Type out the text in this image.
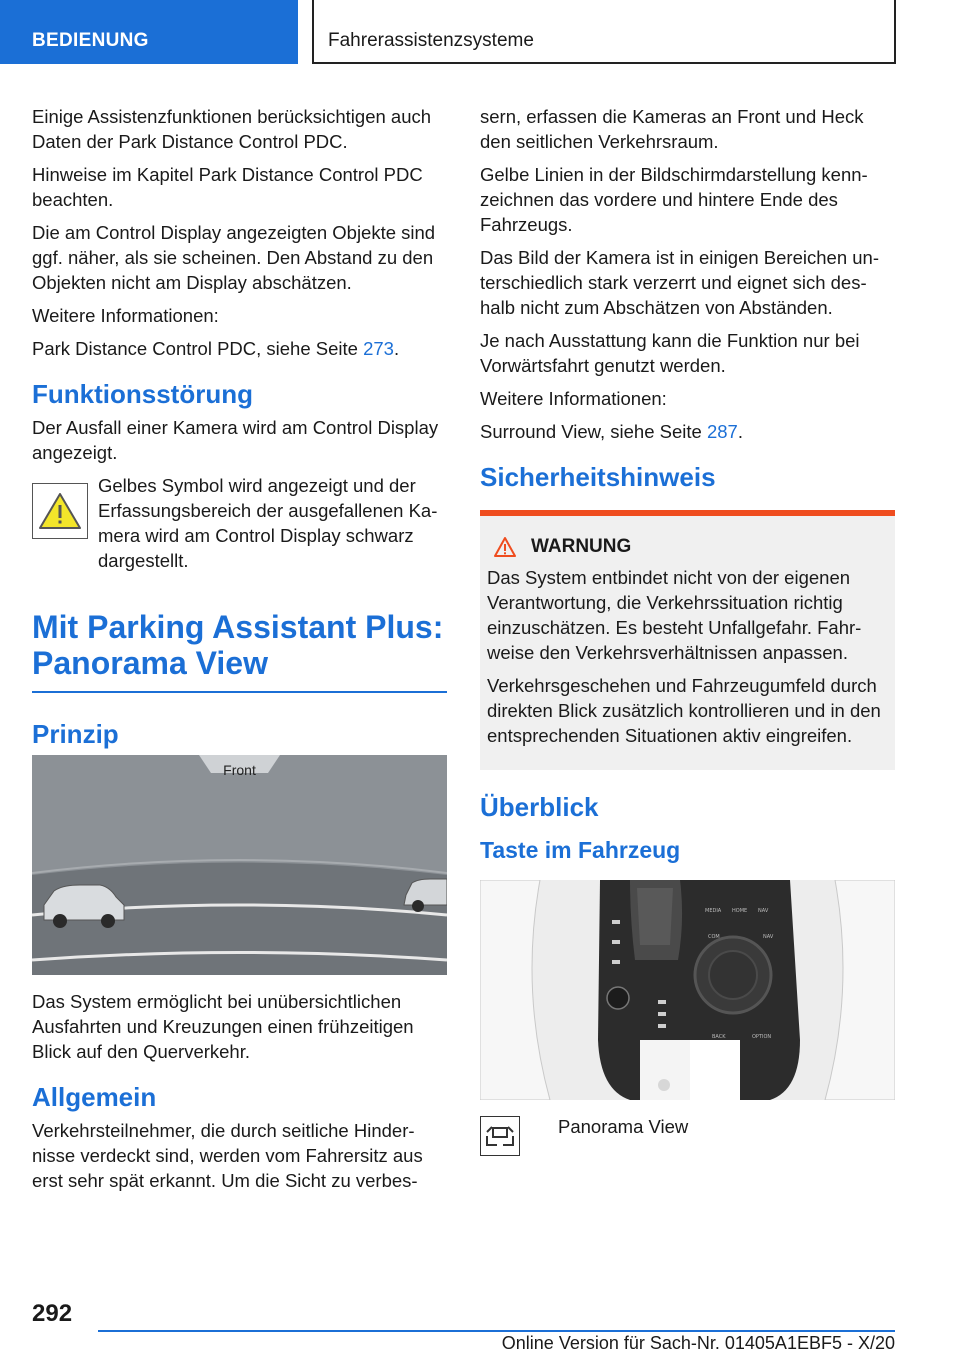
BEDIENUNG	Fahrerassistenzsysteme

Einige Assistenzfunktionen berücksichtigen auch Daten der Park Distance Control PDC.

Hinweise im Kapitel Park Distance Control PDC beachten.

Die am Control Display angezeigten Objekte sind ggf. näher, als sie scheinen. Den Abstand zu den Objekten nicht am Display abschätzen.

Weitere Informationen:

Park Distance Control PDC, siehe Seite 273.

Funktionsstörung

Der Ausfall einer Kamera wird am Control Display angezeigt.

Gelbes Symbol wird angezeigt und der Erfassungsbereich der ausgefallenen Kamera wird am Control Display schwarz dargestellt.
Mit Parking Assistant Plus:
Panorama View
Prinzip
Front

Das System ermöglicht bei unübersichtlichen Ausfahrten und Kreuzungen einen frühzeitigen Blick auf den Querverkehr.

Allgemein

Verkehrsteilnehmer, die durch seitliche Hindernisse verdeckt sind, werden vom Fahrersitz aus erst sehr spät erkannt. Um die Sicht zu verbes-

sern, erfassen die Kameras an Front und Heck den seitlichen Verkehrsraum.

Gelbe Linien in der Bildschirmdarstellung kennzeichnen das vordere und hintere Ende des Fahrzeugs.

Das Bild der Kamera ist in einigen Bereichen unterschiedlich stark verzerrt und eignet sich deshalb nicht zum Abschätzen von Abständen.

Je nach Ausstattung kann die Funktion nur bei Vorwärtsfahrt genutzt werden.

Weitere Informationen:

Surround View, siehe Seite 287.

Sicherheitshinweis
WARNUNG

Das System entbindet nicht von der eigenen Verantwortung, die Verkehrssituation richtig einzuschätzen. Es besteht Unfallgefahr. Fahrweise den Verkehrsverhältnissen anpassen.

Verkehrsgeschehen und Fahrzeugumfeld durch direkten Blick zusätzlich kontrollieren und in den entsprechenden Situationen aktiv eingreifen.

Überblick
Taste im Fahrzeug
MEDIA HOME NAV
COM	NAV
BACK	OPTION
Panorama View
292
Online Version für Sach-Nr. 01405A1EBF5 - X/20
